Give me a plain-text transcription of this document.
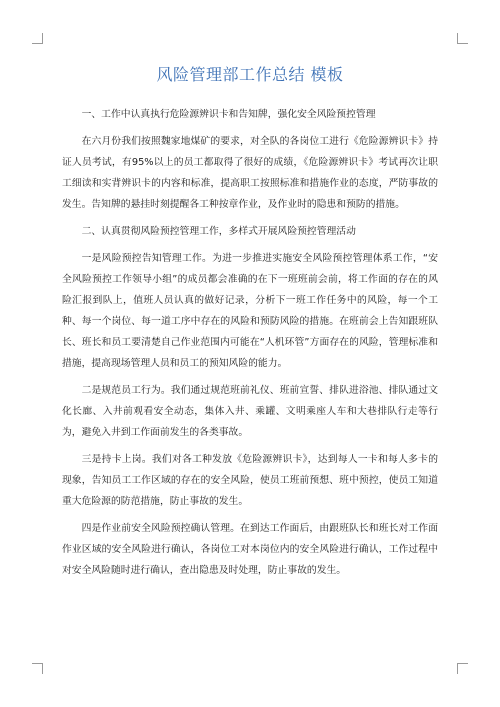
风险管理部工作总结 模板

一、工作中认真执行危险源辨识卡和告知牌，强化安全风险预控管理

在六月份我们按照魏家地煤矿的要求，对全队的各岗位工进行《危险源辨识卡》持证人员考试，有95%以上的员工都取得了很好的成绩，《危险源辨识卡》考试再次让职工细读和实背辨识卡的内容和标准，提高职工按照标准和措施作业的态度，严防事故的发生。告知牌的悬挂时刻提醒各工种按章作业，及作业时的隐患和预防的措施。

二、认真贯彻风险预控管理工作，多样式开展风险预控管理活动

一是风险预控告知管理工作。为进一步推进实施安全风险预控管理体系工作，“安全风险预控工作领导小组”的成员都会准确的在下一班班前会前，将工作面的存在的风险汇报到队上，值班人员认真的做好记录，分析下一班工作任务中的风险，每一个工种、每一个岗位、每一道工序中存在的风险和预防风险的措施。在班前会上告知跟班队长、班长和员工要清楚自己作业范围内可能在“人机环管”方面存在的风险，管理标准和措施，提高现场管理人员和员工的预知风险的能力。

二是规范员工行为。我们通过规范班前礼仪、班前宣誓、排队进浴池、排队通过文化长廊、入井前观看安全动态，集体入井、乘罐、文明乘座人车和大巷排队行走等行为，避免入井到工作面前发生的各类事故。

三是持卡上岗。我们对各工种发放《危险源辨识卡》，达到每人一卡和每人多卡的现象，告知员工工作区域的存在的安全风险，使员工班前预想、班中预控，使员工知道重大危险源的防范措施，防止事故的发生。

四是作业前安全风险预控确认管理。在到达工作面后，由跟班队长和班长对工作面作业区域的安全风险进行确认，各岗位工对本岗位内的安全风险进行确认，工作过程中对安全风险随时进行确认，查出隐患及时处理，防止事故的发生。
